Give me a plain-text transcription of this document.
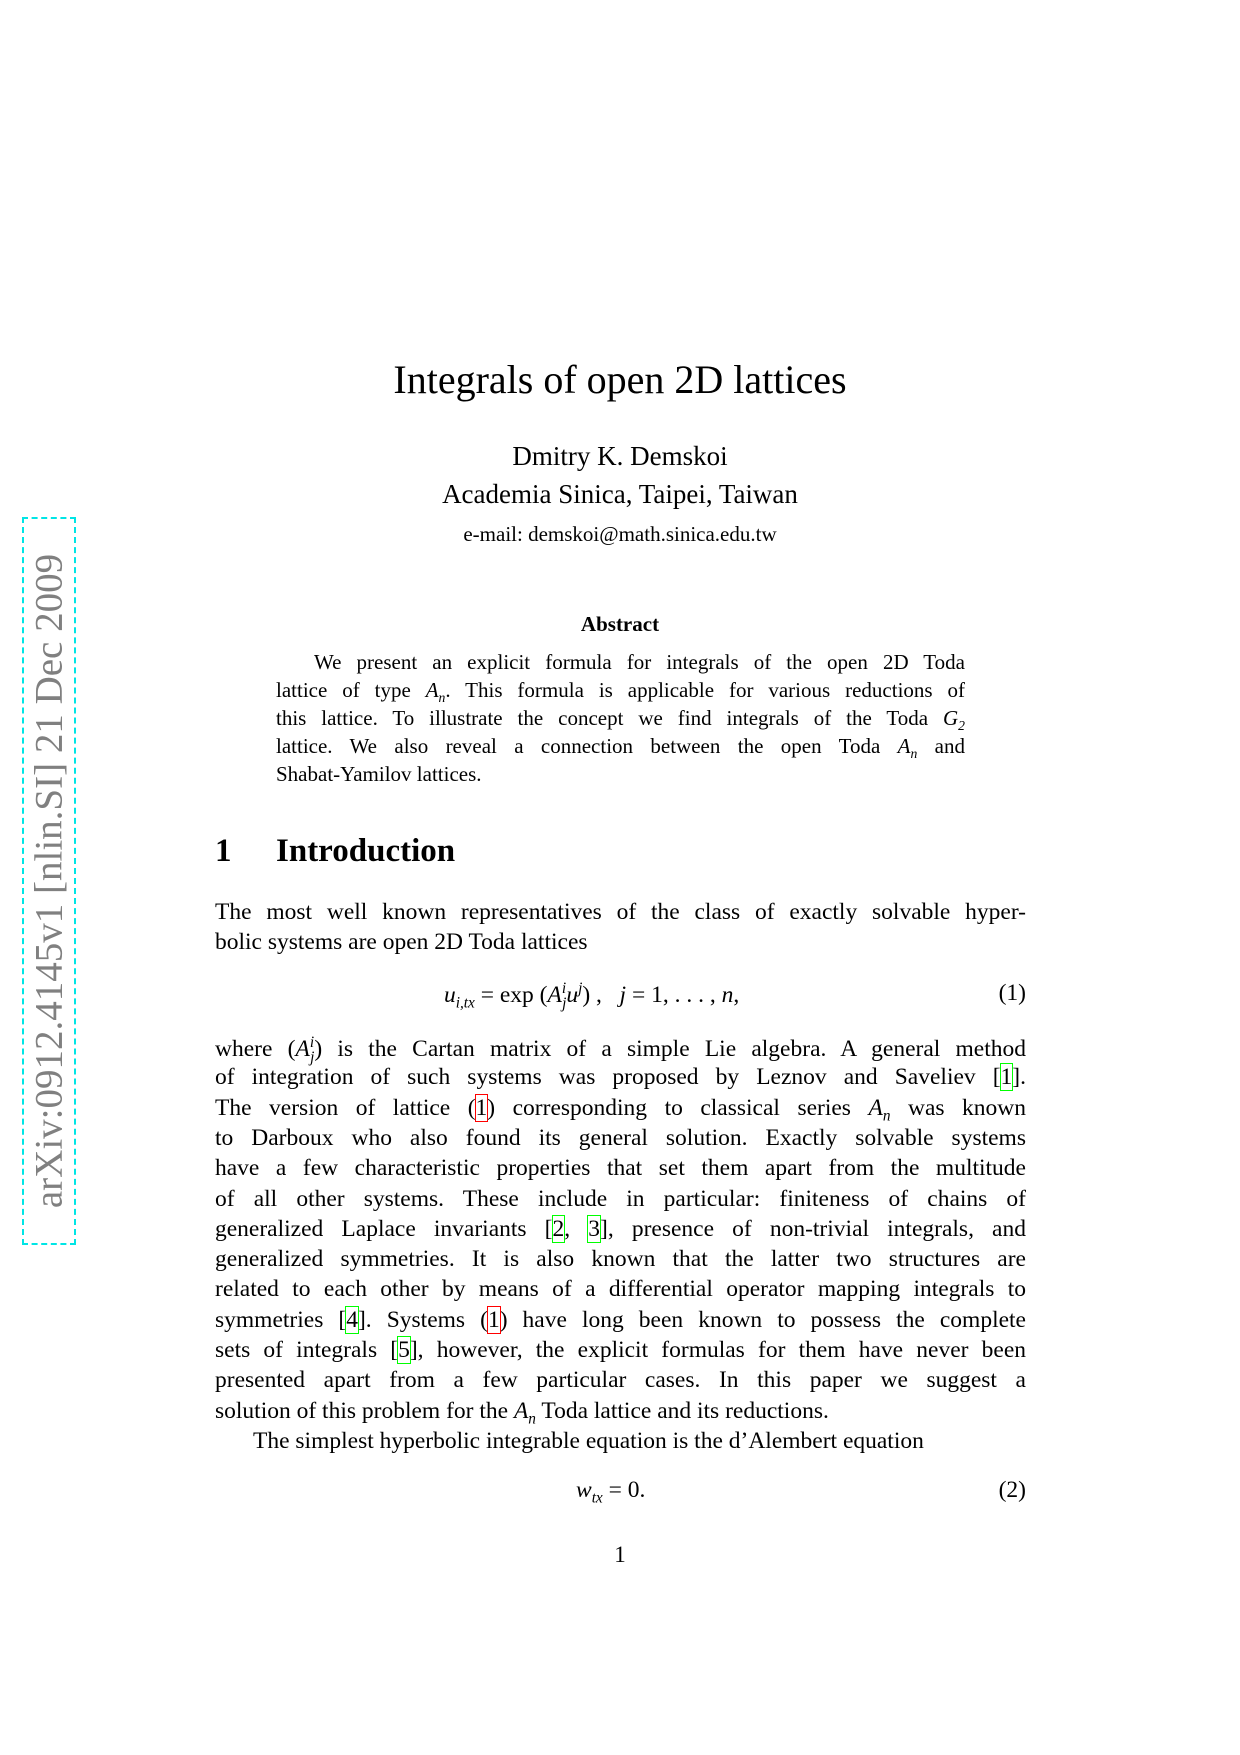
arXiv:0912.4145v1 [nlin.SI] 21 Dec 2009
Integrals of open 2D lattices
Dmitry K. Demskoi
Academia Sinica, Taipei, Taiwan
e-mail: demskoi@math.sinica.edu.tw
Abstract
We present an explicit formula for integrals of the open 2D Toda
lattice of type $A_n$. This formula is applicable for various reductions of
this lattice. To illustrate the concept we find integrals of the Toda $G_2$
lattice. We also reveal a connection between the open Toda $A_n$ and
Shabat-Yamilov lattices.
1 Introduction
The most well known representatives of the class of exactly solvable hyper-
bolic systems are open 2D Toda lattices
where $(A^i_j)$ is the Cartan matrix of a simple Lie algebra. A general method
of integration of such systems was proposed by Leznov and Saveliev [1].
The version of lattice (1) corresponding to classical series $A_n$ was known
to Darboux who also found its general solution. Exactly solvable systems
have a few characteristic properties that set them apart from the multitude
of all other systems. These include in particular: finiteness of chains of
generalized Laplace invariants [2, 3], presence of non-trivial integrals, and
generalized symmetries. It is also known that the latter two structures are
related to each other by means of a differential operator mapping integrals to
symmetries [4]. Systems (1) have long been known to possess the complete
sets of integrals [5], however, the explicit formulas for them have never been
presented apart from a few particular cases. In this paper we suggest a
solution of this problem for the $A_n$ Toda lattice and its reductions.
The simplest hyperbolic integrable equation is the d’Alembert equation
$u_{i,tx} = \exp (A^i_ju^j)$ ,   j = 1, . . . , n,	(1)
$w_{tx} = 0$.	(2)
1
